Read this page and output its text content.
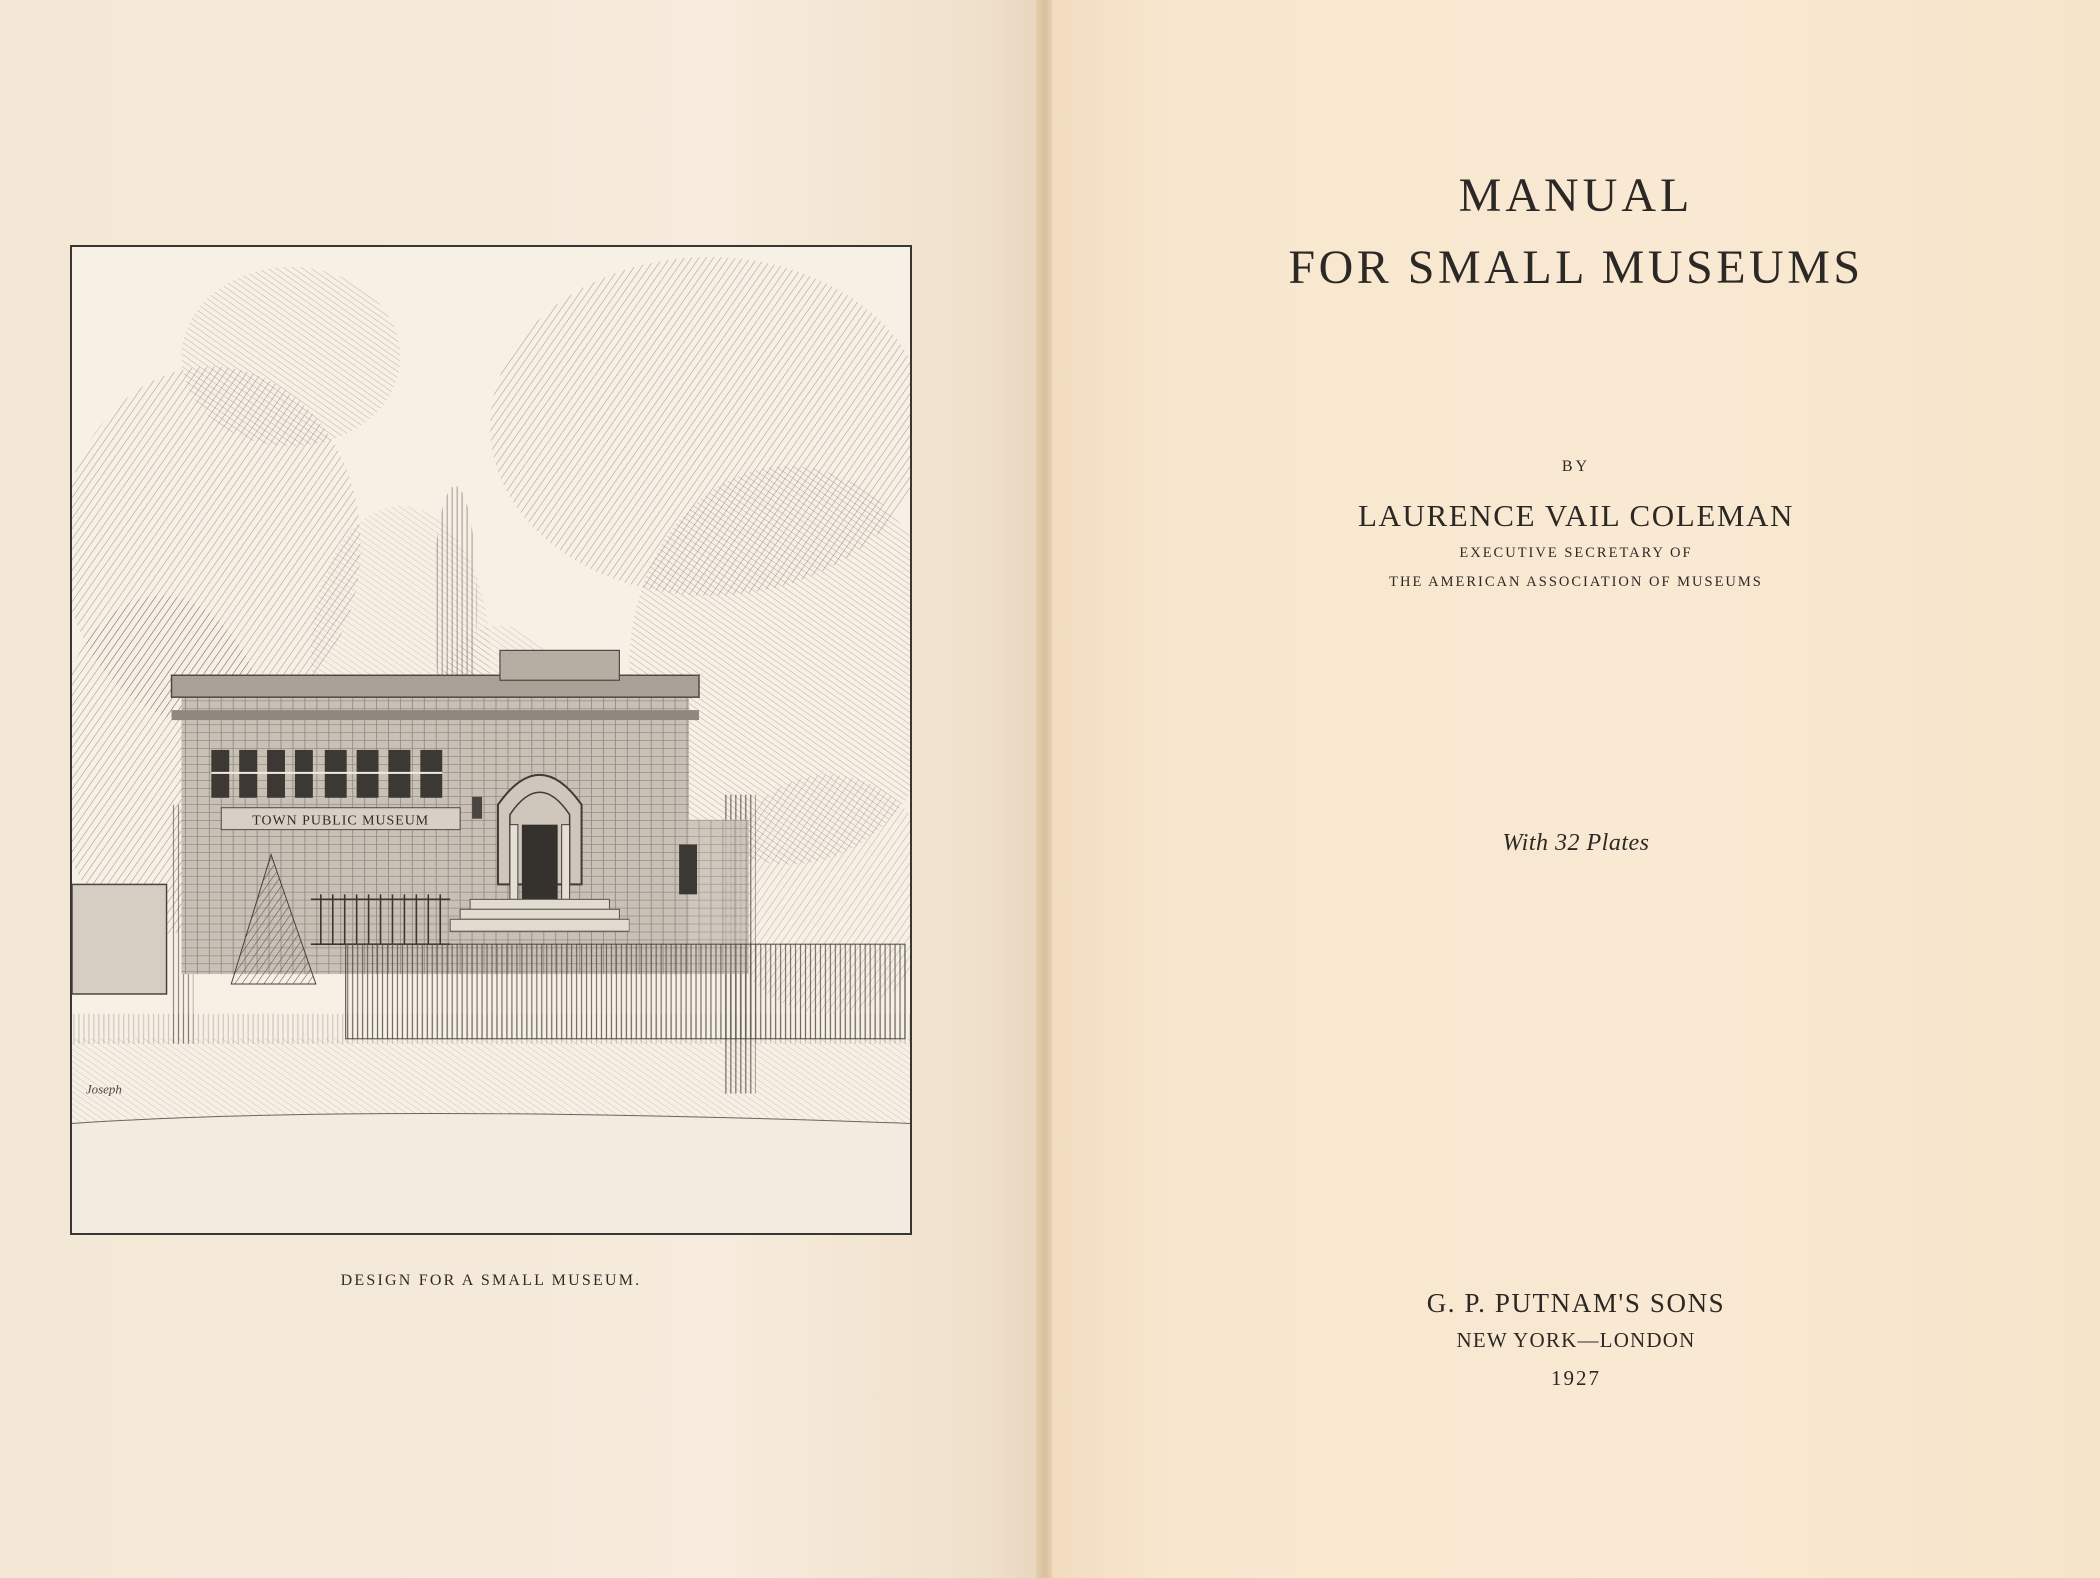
TOWN PUBLIC MUSEUM
Joseph
DESIGN FOR A SMALL MUSEUM.
MANUAL
FOR SMALL MUSEUMS
BY
LAURENCE VAIL COLEMAN
EXECUTIVE SECRETARY OF
THE AMERICAN ASSOCIATION OF MUSEUMS
With 32 Plates
G. P. PUTNAM'S SONS
NEW YORK—LONDON
1927
